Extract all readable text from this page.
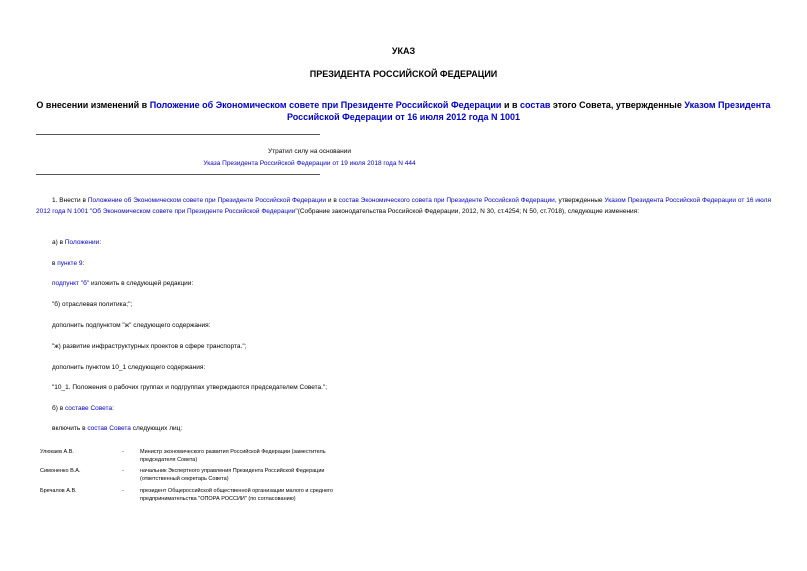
УКАЗ
ПРЕЗИДЕНТА РОССИЙСКОЙ ФЕДЕРАЦИИ
О внесении изменений в Положение об Экономическом совете при Президенте Российской Федерации и в состав этого Совета, утвержденные Указом Президента Российской Федерации от 16 июля 2012 года N 1001
Утратил силу на основании
Указа Президента Российской Федерации от 19 июля 2018 года N 444
1. Внести в Положение об Экономическом совете при Президенте Российской Федерации и в состав Экономического совета при Президенте Российской Федерации, утвержденные Указом Президента Российской Федерации от 16 июля 2012 года N 1001 "Об Экономическом совете при Президенте Российской Федерации"(Собрание законодательства Российской Федерации, 2012, N 30, ст.4254; N 50, ст.7018), следующие изменения:
а) в Положении:
в пункте 9:
подпункт "б" изложить в следующей редакции:
"б) отраслевая политика;";
дополнить подпунктом "ж" следующего содержания:
"ж) развитие инфраструктурных проектов в сфере транспорта.";
дополнить пунктом 10_1 следующего содержания:
"10_1. Положения о рабочих группах и подгруппах утверждаются председателем Совета.";
б) в составе Совета:
включить в состав Совета следующих лиц:
Улюкаев А.В.	-	Министр экономического развития Российской Федерации (заместитель председателя Совета)
Симоненко В.А.	-	начальник Экспертного управления Президента Российской Федерации (ответственный секретарь Совета)
Бречалов А.В.	-	президент Общероссийской общественной организации малого и среднего предпринимательства "ОПОРА РОССИИ" (по согласованию)
